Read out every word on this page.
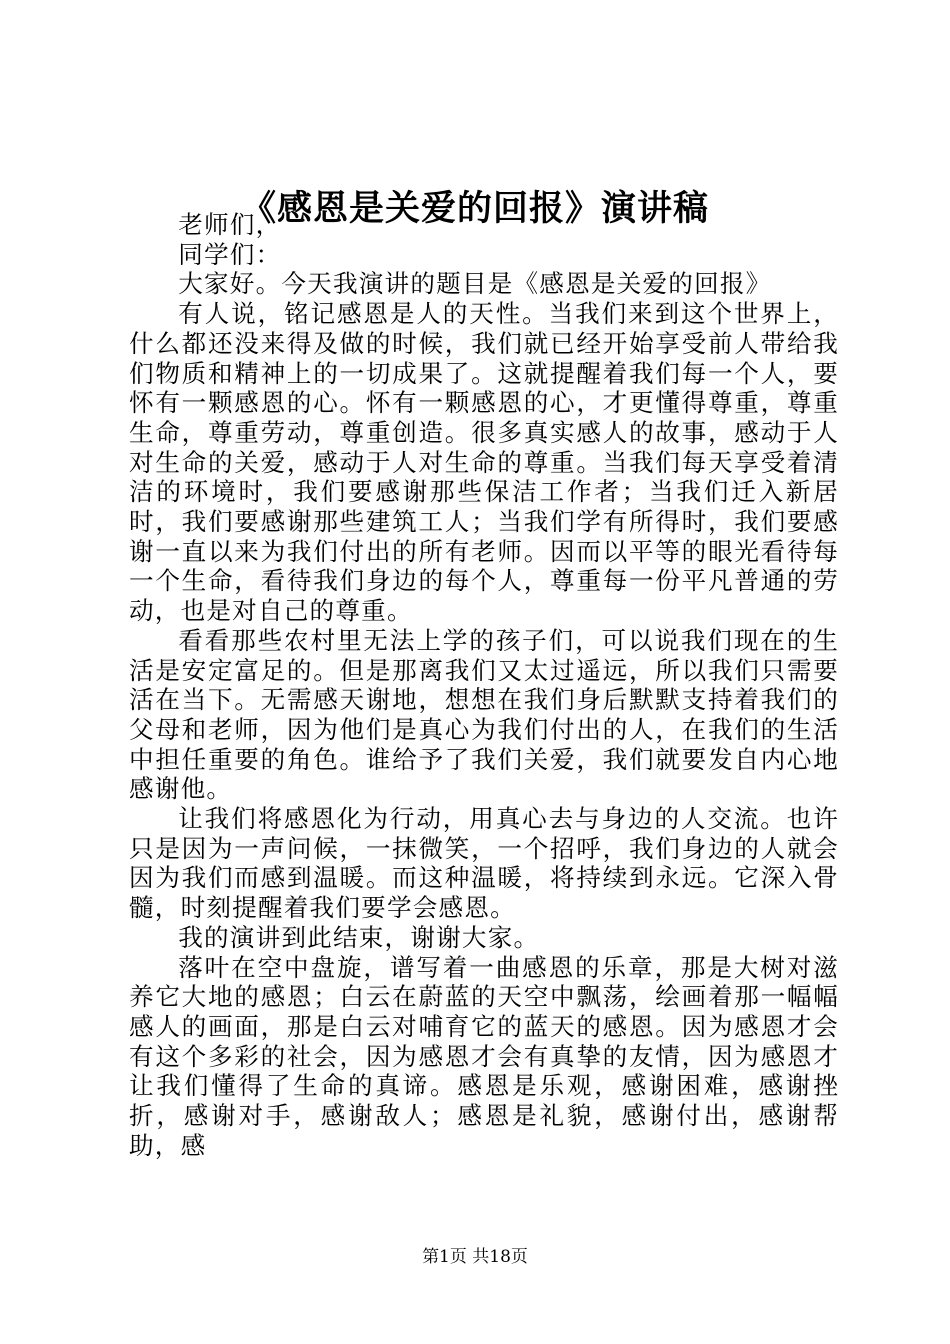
《感恩是关爱的回报》演讲稿

老师们，

同学们：

大家好。今天我演讲的题目是《感恩是关爱的回报》

有人说，铭记感恩是人的天性。当我们来到这个世界上，什么都还没来得及做的时候，我们就已经开始享受前人带给我们物质和精神上的一切成果了。这就提醒着我们每一个人，要怀有一颗感恩的心。怀有一颗感恩的心，才更懂得尊重，尊重生命，尊重劳动，尊重创造。很多真实感人的故事，感动于人对生命的关爱，感动于人对生命的尊重。当我们每天享受着清洁的环境时，我们要感谢那些保洁工作者；当我们迁入新居时，我们要感谢那些建筑工人；当我们学有所得时，我们要感谢一直以来为我们付出的所有老师。因而以平等的眼光看待每一个生命，看待我们身边的每个人，尊重每一份平凡普通的劳动，也是对自己的尊重。

看看那些农村里无法上学的孩子们，可以说我们现在的生活是安定富足的。但是那离我们又太过遥远，所以我们只需要活在当下。无需感天谢地，想想在我们身后默默支持着我们的父母和老师，因为他们是真心为我们付出的人，在我们的生活中担任重要的角色。谁给予了我们关爱，我们就要发自内心地感谢他。

让我们将感恩化为行动，用真心去与身边的人交流。也许只是因为一声问候，一抹微笑，一个招呼，我们身边的人就会因为我们而感到温暖。而这种温暖，将持续到永远。它深入骨髓，时刻提醒着我们要学会感恩。

我的演讲到此结束，谢谢大家。

落叶在空中盘旋，谱写着一曲感恩的乐章，那是大树对滋养它大地的感恩；白云在蔚蓝的天空中飘荡，绘画着那一幅幅感人的画面，那是白云对哺育它的蓝天的感恩。因为感恩才会有这个多彩的社会，因为感恩才会有真挚的友情，因为感恩才让我们懂得了生命的真谛。感恩是乐观，感谢困难，感谢挫折，感谢对手，感谢敌人；感恩是礼貌，感谢付出，感谢帮助，感

第1页 共18页
